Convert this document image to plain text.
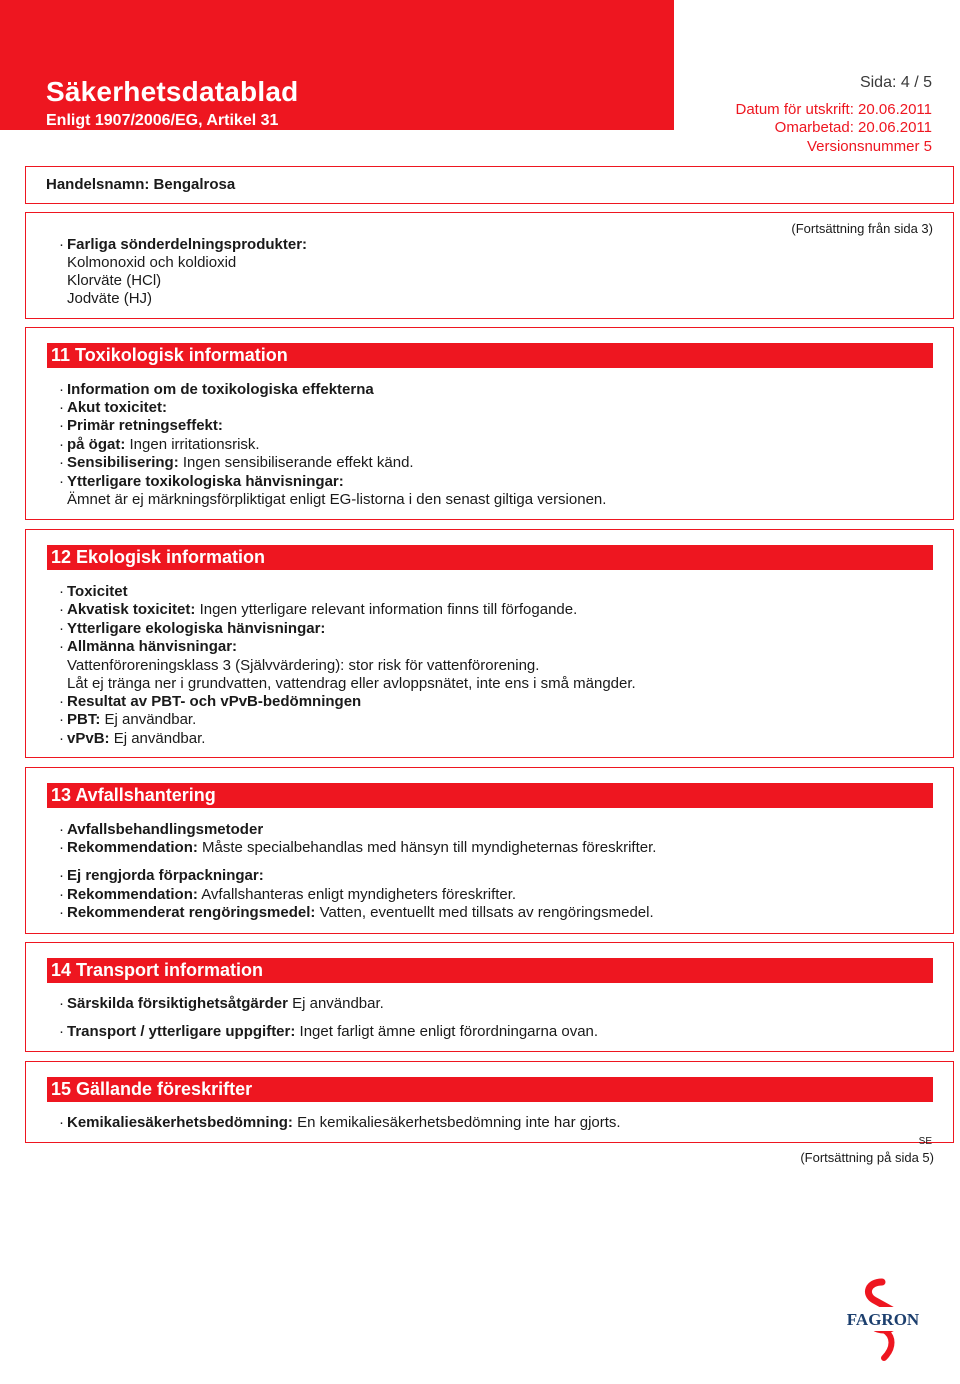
Säkerhetsdatablad
Enligt 1907/2006/EG, Artikel 31
Sida: 4 / 5
Datum för utskrift: 20.06.2011
Omarbetad: 20.06.2011
Versionsnummer 5
Handelsnamn: Bengalrosa
(Fortsättning från sida 3)
· Farliga sönderdelningsprodukter:
Kolmonoxid och koldioxid
Klorväte (HCl)
Jodväte (HJ)
11 Toxikologisk information
· Information om de toxikologiska effekterna
· Akut toxicitet:
· Primär retningseffekt:
· på ögat: Ingen irritationsrisk.
· Sensibilisering: Ingen sensibiliserande effekt känd.
· Ytterligare toxikologiska hänvisningar:
Ämnet är ej märkningsförpliktigat enligt EG-listorna i den senast giltiga versionen.
12 Ekologisk information
· Toxicitet
· Akvatisk toxicitet: Ingen ytterligare relevant information finns till förfogande.
· Ytterligare ekologiska hänvisningar:
· Allmänna hänvisningar:
Vattenföroreningsklass 3 (Självvärdering): stor risk för vattenförorening.
Låt ej tränga ner i grundvatten, vattendrag eller avloppsnätet, inte ens i små mängder.
· Resultat av PBT- och vPvB-bedömningen
· PBT: Ej användbar.
· vPvB: Ej användbar.
13 Avfallshantering
· Avfallsbehandlingsmetoder
· Rekommendation: Måste specialbehandlas med hänsyn till myndigheternas föreskrifter.
· Ej rengjorda förpackningar:
· Rekommendation: Avfallshanteras enligt myndigheters föreskrifter.
· Rekommenderat rengöringsmedel: Vatten, eventuellt med tillsats av rengöringsmedel.
14 Transport information
· Särskilda försiktighetsåtgärder Ej användbar.
· Transport / ytterligare uppgifter: Inget farligt ämne enligt förordningarna ovan.
15 Gällande föreskrifter
· Kemikaliesäkerhetsbedömning: En kemikaliesäkerhetsbedömning inte har gjorts.
SE
(Fortsättning på sida 5)
FAGRON
